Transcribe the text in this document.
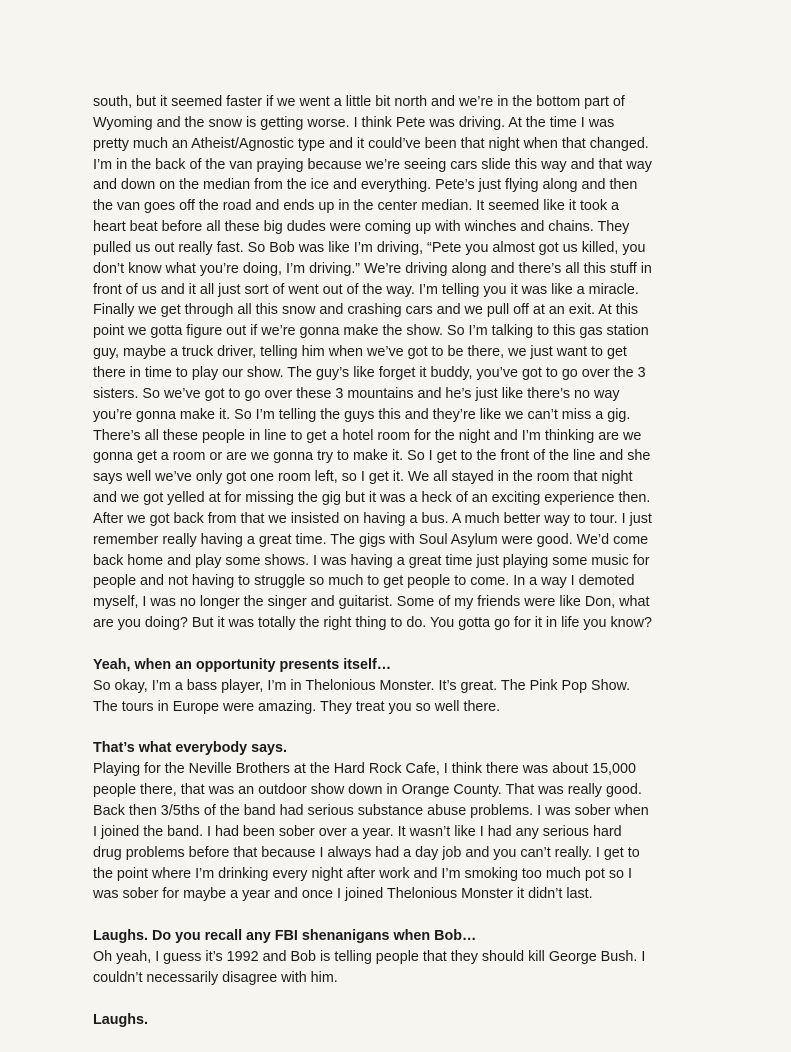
south, but it seemed faster if we went a little bit north and we’re in the bottom part of
Wyoming and the snow is getting worse. I think Pete was driving. At the time I was
pretty much an Atheist/Agnostic type and it could’ve been that night when that changed.
I’m in the back of the van praying because we’re seeing cars slide this way and that way
and down on the median from the ice and everything. Pete’s just flying along and then
the van goes off the road and ends up in the center median. It seemed like it took a
heart beat before all these big dudes were coming up with winches and chains. They
pulled us out really fast. So Bob was like I’m driving, “Pete you almost got us killed, you
don’t know what you’re doing, I’m driving.” We’re driving along and there’s all this stuff in
front of us and it all just sort of went out of the way. I’m telling you it was like a miracle.
Finally we get through all this snow and crashing cars and we pull off at an exit. At this
point we gotta figure out if we’re gonna make the show. So I’m talking to this gas station
guy, maybe a truck driver, telling him when we’ve got to be there, we just want to get
there in time to play our show. The guy’s like forget it buddy, you’ve got to go over the 3
sisters. So we’ve got to go over these 3 mountains and he’s just like there’s no way
you’re gonna make it. So I’m telling the guys this and they’re like we can’t miss a gig.
There’s all these people in line to get a hotel room for the night and I’m thinking are we
gonna get a room or are we gonna try to make it. So I get to the front of the line and she
says well we’ve only got one room left, so I get it. We all stayed in the room that night
and we got yelled at for missing the gig but it was a heck of an exciting experience then.
After we got back from that we insisted on having a bus. A much better way to tour. I just
remember really having a great time. The gigs with Soul Asylum were good. We’d come
back home and play some shows. I was having a great time just playing some music for
people and not having to struggle so much to get people to come. In a way I demoted
myself, I was no longer the singer and guitarist. Some of my friends were like Don, what
are you doing? But it was totally the right thing to do. You gotta go for it in life you know?

Yeah, when an opportunity presents itself…

So okay, I’m a bass player, I’m in Thelonious Monster. It’s great. The Pink Pop Show.
The tours in Europe were amazing. They treat you so well there.

That’s what everybody says.

Playing for the Neville Brothers at the Hard Rock Cafe, I think there was about 15,000
people there, that was an outdoor show down in Orange County. That was really good.
Back then 3/5ths of the band had serious substance abuse problems. I was sober when
I joined the band. I had been sober over a year. It wasn’t like I had any serious hard
drug problems before that because I always had a day job and you can’t really. I get to
the point where I’m drinking every night after work and I’m smoking too much pot so I
was sober for maybe a year and once I joined Thelonious Monster it didn’t last.

Laughs. Do you recall any FBI shenanigans when Bob…

Oh yeah, I guess it’s 1992 and Bob is telling people that they should kill George Bush. I
couldn’t necessarily disagree with him.

Laughs.
